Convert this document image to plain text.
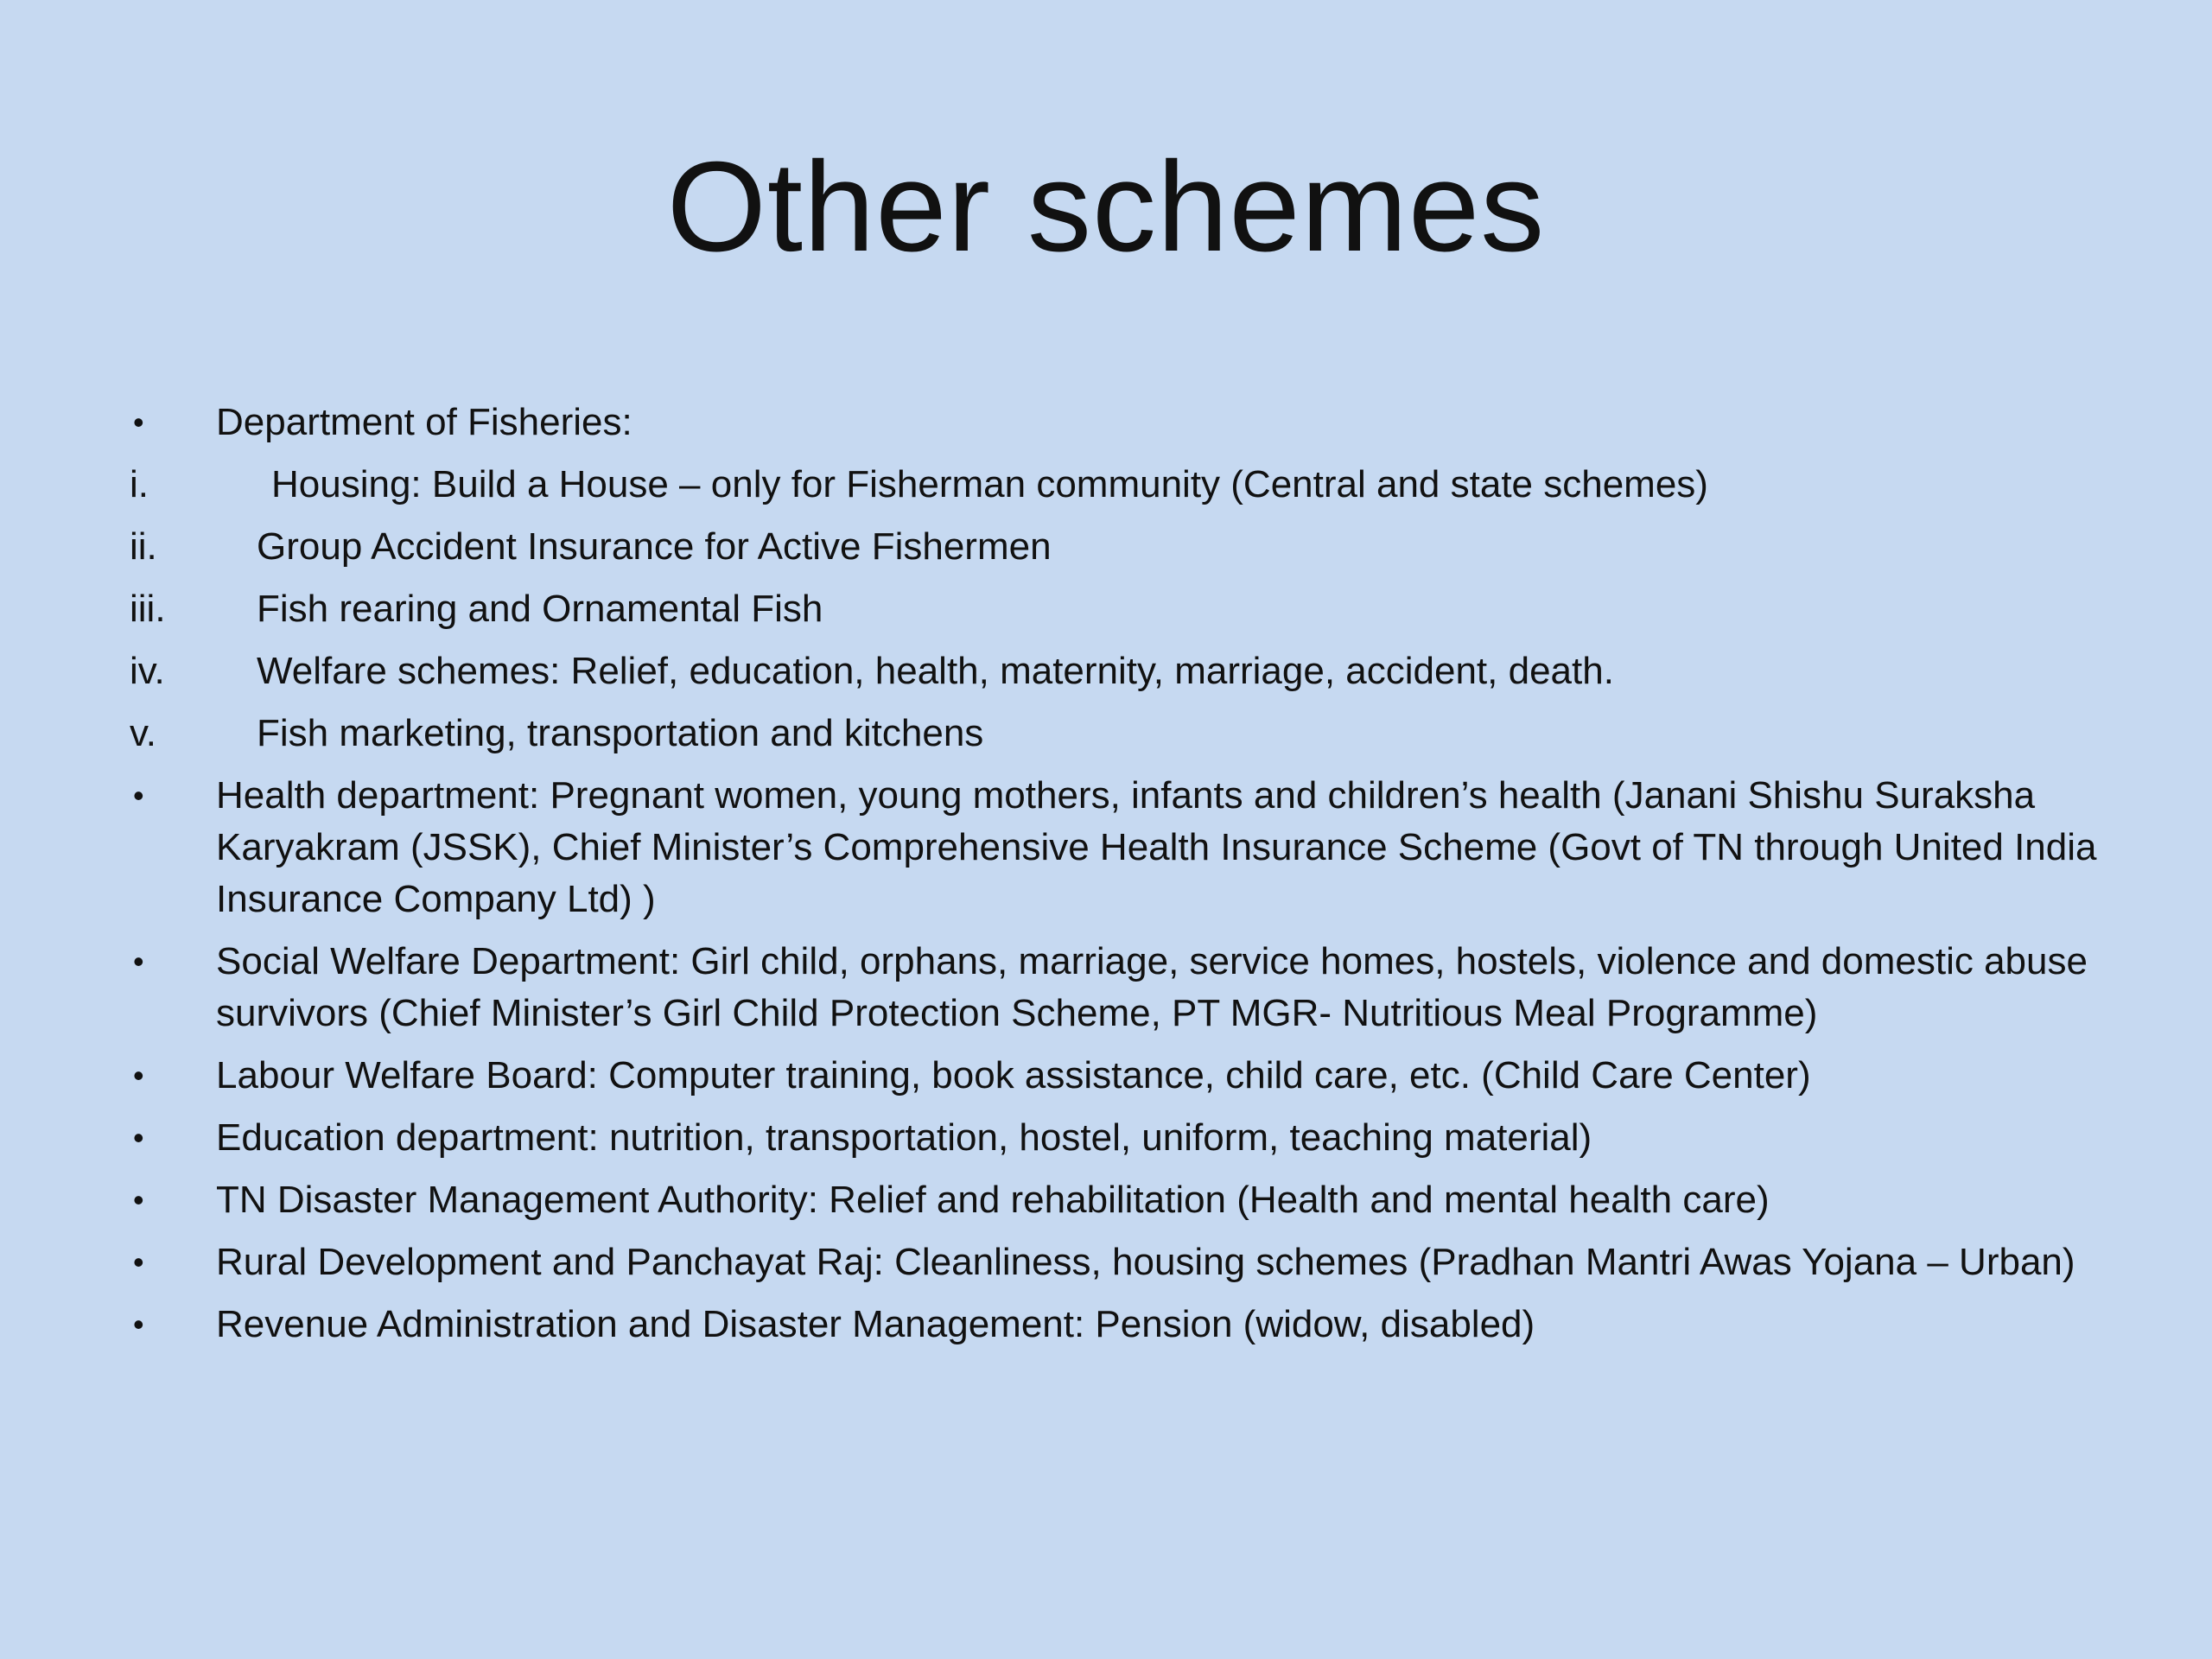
Other schemes
•	Department of Fisheries:
i.	Housing: Build a House – only for Fisherman community (Central and state schemes)
ii.	Group Accident Insurance for Active Fishermen
iii.	Fish rearing and Ornamental Fish
iv.	Welfare schemes: Relief, education, health, maternity, marriage, accident, death.
v.	Fish marketing, transportation and kitchens
•	Health department: Pregnant women, young mothers, infants and children’s health (Janani Shishu Suraksha Karyakram (JSSK), Chief Minister’s Comprehensive Health Insurance Scheme (Govt of TN through United India Insurance Company Ltd) )
•	Social Welfare Department: Girl child, orphans, marriage, service homes, hostels, violence and domestic abuse survivors (Chief Minister’s Girl Child Protection Scheme, PT MGR- Nutritious Meal Programme)
•	Labour Welfare Board: Computer training, book assistance, child care, etc. (Child Care Center)
•	Education department: nutrition, transportation, hostel, uniform, teaching material)
•	TN Disaster Management Authority: Relief and rehabilitation (Health and mental health care)
•	Rural Development and Panchayat Raj: Cleanliness, housing schemes (Pradhan Mantri Awas Yojana – Urban)
•	Revenue Administration and Disaster Management: Pension (widow, disabled)
